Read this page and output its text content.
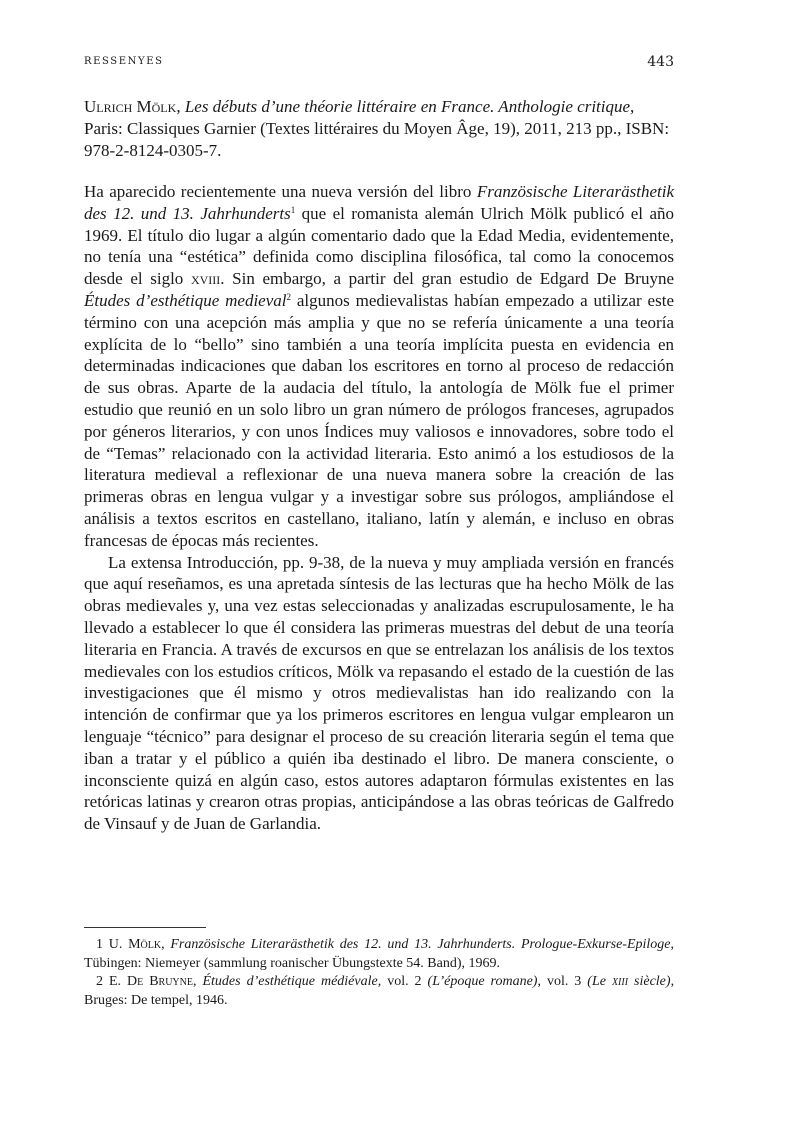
RESSENYES	443

Ulrich Mölk, Les débuts d’une théorie littéraire en France. Anthologie critique, Paris: Classiques Garnier (Textes littéraires du Moyen Âge, 19), 2011, 213 pp., ISBN: 978-2-8124-0305-7.

Ha aparecido recientemente una nueva versión del libro Französische Literarästhetik des 12. und 13. Jahrhunderts$^1$ que el romanista alemán Ulrich Mölk publicó el año 1969. El título dio lugar a algún comentario dado que la Edad Media, evidentemente, no tenía una “estética” definida como disciplina filosófica, tal como la conocemos desde el siglo xviii. Sin embargo, a partir del gran estudio de Edgard De Bruyne Études d’esthétique medieval$^2$ algunos medievalistas habían empezado a utilizar este término con una acepción más amplia y que no se refería únicamente a una teoría explícita de lo “bello” sino también a una teoría implícita puesta en evidencia en determinadas indicaciones que daban los escritores en torno al proceso de redacción de sus obras. Aparte de la audacia del título, la antología de Mölk fue el primer estudio que reunió en un solo libro un gran número de prólogos franceses, agrupados por géneros literarios, y con unos Índices muy valiosos e innovadores, sobre todo el de “Temas” relacionado con la actividad literaria. Esto animó a los estudiosos de la literatura medieval a reflexionar de una nueva manera sobre la creación de las primeras obras en lengua vulgar y a investigar sobre sus prólogos, ampliándose el análisis a textos escritos en castellano, italiano, latín y alemán, e incluso en obras francesas de épocas más recientes.

La extensa Introducción, pp. 9-38, de la nueva y muy ampliada versión en francés que aquí reseñamos, es una apretada síntesis de las lecturas que ha hecho Mölk de las obras medievales y, una vez estas seleccionadas y analizadas escrupulosamente, le ha llevado a establecer lo que él considera las primeras muestras del debut de una teoría literaria en Francia. A través de excursos en que se entrelazan los análisis de los textos medievales con los estudios críticos, Mölk va repasando el estado de la cuestión de las investigaciones que él mismo y otros medievalistas han ido realizando con la intención de confirmar que ya los primeros escritores en lengua vulgar emplearon un lenguaje “técnico” para designar el proceso de su creación literaria según el tema que iban a tratar y el público a quién iba destinado el libro. De manera consciente, o inconsciente quizá en algún caso, estos autores adaptaron fórmulas existentes en las retóricas latinas y crearon otras propias, anticipándose a las obras teóricas de Galfredo de Vinsauf y de Juan de Garlandia.

1 U. Mölk, Französische Literarästhetik des 12. und 13. Jahrhunderts. Prologue-Exkurse-Epiloge, Tübingen: Niemeyer (sammlung roanischer Übungstexte 54. Band), 1969.

2 E. De Bruyne, Études d’esthétique médiévale, vol. 2 (L’époque romane), vol. 3 (Le xiii siècle), Bruges: De tempel, 1946.
